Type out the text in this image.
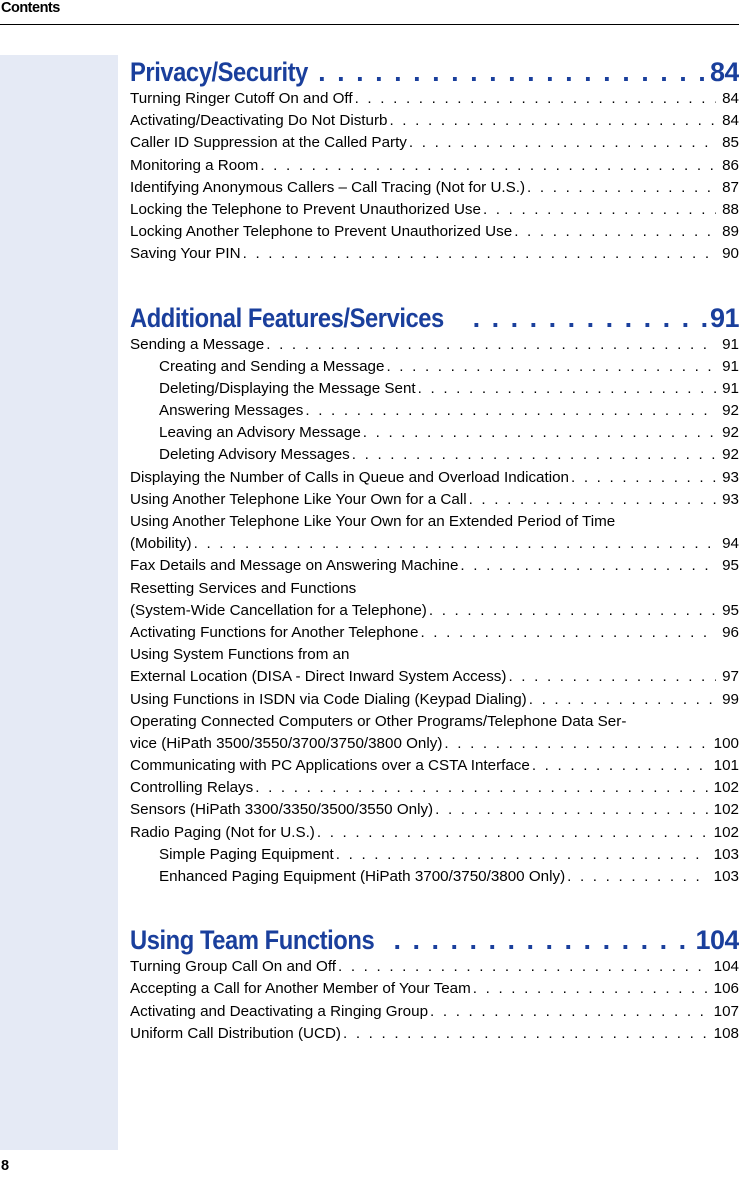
Contents
Privacy/Security . . .	84
Turning Ringer Cutoff On and Off . . .	84
Activating/Deactivating Do Not Disturb . . .	84
Caller ID Suppression at the Called Party . . .	85
Monitoring a Room . . .	86
Identifying Anonymous Callers – Call Tracing (Not for U.S.) . . .	87
Locking the Telephone to Prevent Unauthorized Use . . .	88
Locking Another Telephone to Prevent Unauthorized Use . . .	89
Saving Your PIN . . .	90
Additional Features/Services . . .	91
Sending a Message . . .	91
Creating and Sending a Message . . .	91
Deleting/Displaying the Message Sent . . .	91
Answering Messages . . .	92
Leaving an Advisory Message . . .	92
Deleting Advisory Messages . . .	92
Displaying the Number of Calls in Queue and Overload Indication . . .	93
Using Another Telephone Like Your Own for a Call . . .	93
Using Another Telephone Like Your Own for an Extended Period of Time
(Mobility) . . .	94
Fax Details and Message on Answering Machine . . .	95
Resetting Services and Functions
(System-Wide Cancellation for a Telephone) . . .	95
Activating Functions for Another Telephone . . .	96
Using System Functions from an
External Location (DISA - Direct Inward System Access) . . .	97
Using Functions in ISDN via Code Dialing (Keypad Dialing) . . .	99
Operating Connected Computers or Other Programs/Telephone Data Ser-
vice (HiPath 3500/3550/3700/3750/3800 Only) . . .	100
Communicating with PC Applications over a CSTA Interface . . .	101
Controlling Relays . . .	102
Sensors (HiPath 3300/3350/3500/3550 Only) . . .	102
Radio Paging (Not for U.S.) . . .	102
Simple Paging Equipment . . .	103
Enhanced Paging Equipment (HiPath 3700/3750/3800 Only) . . .	103
Using Team Functions . . .	104
Turning Group Call On and Off . . .	104
Accepting a Call for Another Member of Your Team . . .	106
Activating and Deactivating a Ringing Group . . .	107
Uniform Call Distribution (UCD) . . .	108
8
